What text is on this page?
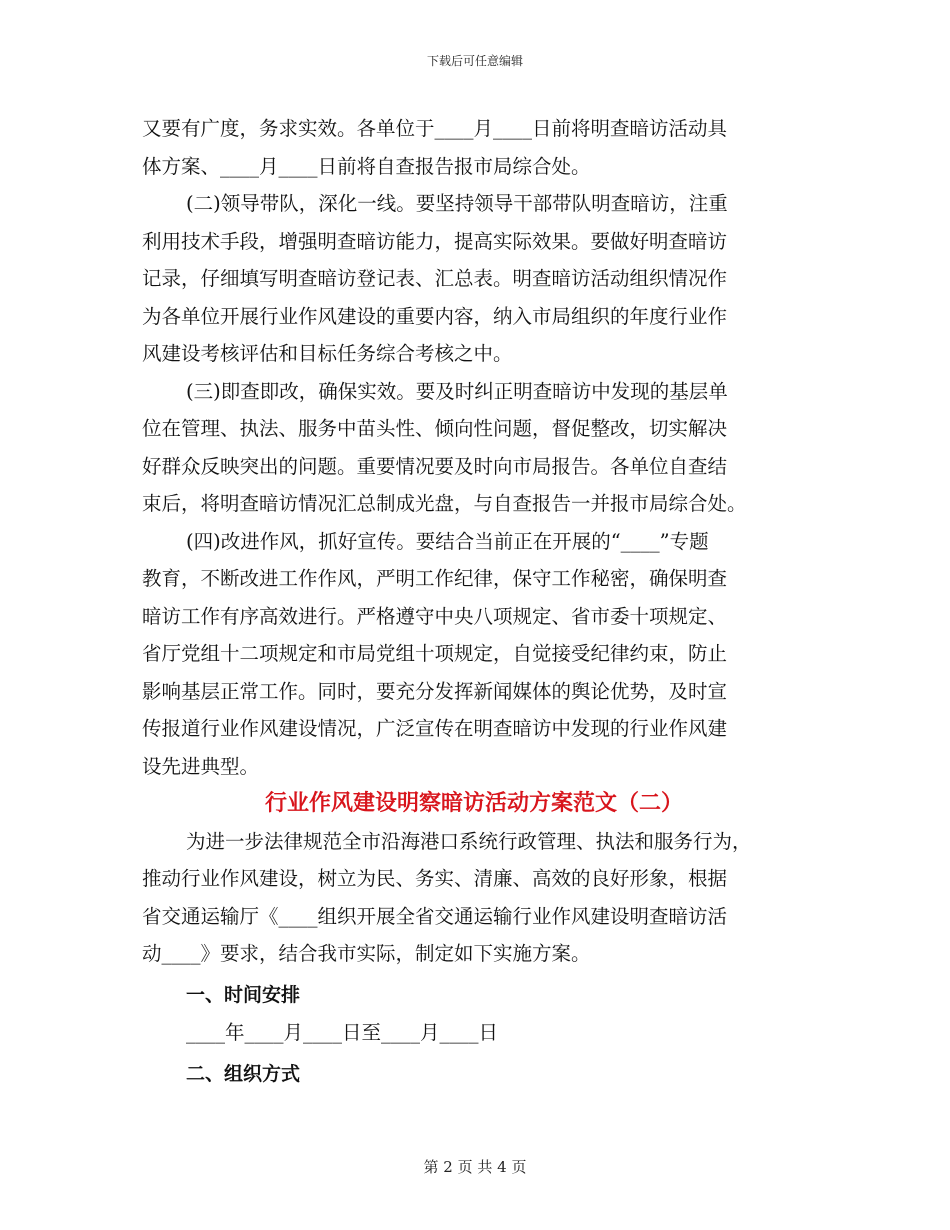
下载后可任意编辑
又要有广度，务求实效。各单位于____月____日前将明查暗访活动具
体方案、____月____日前将自查报告报市局综合处。
(二)领导带队，深化一线。要坚持领导干部带队明查暗访，注重
利用技术手段，增强明查暗访能力，提高实际效果。要做好明查暗访
记录，仔细填写明查暗访登记表、汇总表。明查暗访活动组织情况作
为各单位开展行业作风建设的重要内容，纳入市局组织的年度行业作
风建设考核评估和目标任务综合考核之中。
(三)即查即改，确保实效。要及时纠正明查暗访中发现的基层单
位在管理、执法、服务中苗头性、倾向性问题，督促整改，切实解决
好群众反映突出的问题。重要情况要及时向市局报告。各单位自查结
束后，将明查暗访情况汇总制成光盘，与自查报告一并报市局综合处。
(四)改进作风，抓好宣传。要结合当前正在开展的“____”专题
教育，不断改进工作作风，严明工作纪律，保守工作秘密，确保明查
暗访工作有序高效进行。严格遵守中央八项规定、省市委十项规定、
省厅党组十二项规定和市局党组十项规定，自觉接受纪律约束，防止
影响基层正常工作。同时，要充分发挥新闻媒体的舆论优势，及时宣
传报道行业作风建设情况，广泛宣传在明查暗访中发现的行业作风建
设先进典型。
行业作风建设明察暗访活动方案范文（二）
为进一步法律规范全市沿海港口系统行政管理、执法和服务行为，
推动行业作风建设，树立为民、务实、清廉、高效的良好形象，根据
省交通运输厅《____组织开展全省交通运输行业作风建设明查暗访活
动____》要求，结合我市实际，制定如下实施方案。
一、时间安排
____年____月____日至____月____日
二、组织方式
第 2 页 共 4 页
